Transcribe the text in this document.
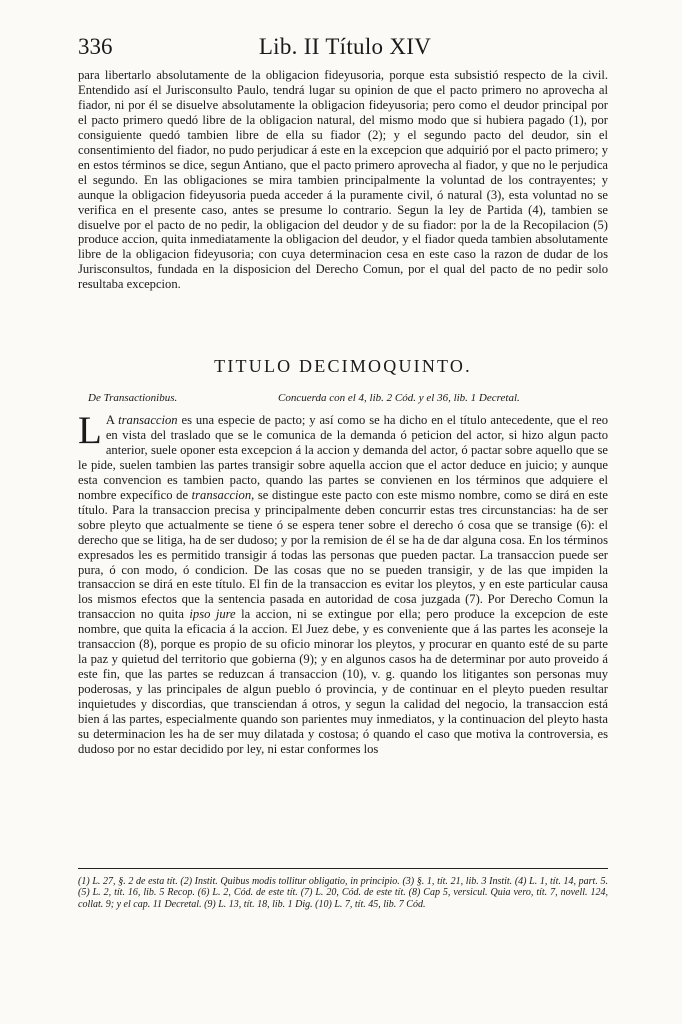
336	Lib. II Título XIV

para libertarlo absolutamente de la obligacion fideyusoria, porque esta subsistió respecto de la civil. Entendido así el Jurisconsulto Paulo, tendrá lugar su opinion de que el pacto primero no aprovecha al fiador, ni por él se disuelve absolutamente la obligacion fideyusoria; pero como el deudor principal por el pacto primero quedó libre de la obligacion natural, del mismo modo que si hubiera pagado (1), por consiguiente quedó tambien libre de ella su fiador (2); y el segundo pacto del deudor, sin el consentimiento del fiador, no pudo perjudicar á este en la excepcion que adquirió por el pacto primero; y en estos términos se dice, segun Antiano, que el pacto primero aprovecha al fiador, y que no le perjudica el segundo. En las obligaciones se mira tambien principalmente la voluntad de los contrayentes; y aunque la obligacion fideyusoria pueda acceder á la puramente civil, ó natural (3), esta voluntad no se verifica en el presente caso, antes se presume lo contrario. Segun la ley de Partida (4), tambien se disuelve por el pacto de no pedir, la obligacion del deudor y de su fiador: por la de la Recopilacion (5) produce accion, quita inmediatamente la obligacion del deudor, y el fiador queda tambien absolutamente libre de la obligacion fideyusoria; con cuya determinacion cesa en este caso la razon de dudar de los Jurisconsultos, fundada en la disposicion del Derecho Comun, por el qual del pacto de no pedir solo resultaba excepcion.

TITULO DECIMOQUINTO.
De Transactionibus.	Concuerda con el 4, lib. 2 Cód. y el 36, lib. 1 Decretal.
L A transaccion es una especie de pacto; y así como se ha dicho en el título antecedente, que el reo en vista del traslado que se le comunica de la demanda ó peticion del actor, si hizo algun pacto anterior, suele oponer esta excepcion á la accion y demanda del actor, ó pactar sobre aquello que se le pide, suelen tambien las partes transigir sobre aquella accion que el actor deduce en juicio; y aunque esta convencion es tambien pacto, quando las partes se convienen en los términos que adquiere el nombre expecífico de transaccion, se distingue este pacto con este mismo nombre, como se dirá en este título. Para la transaccion precisa y principalmente deben concurrir estas tres circunstancias: ha de ser sobre pleyto que actualmente se tiene ó se espera tener sobre el derecho ó cosa que se transige (6): el derecho que se litiga, ha de ser dudoso; y por la remision de él se ha de dar alguna cosa. En los términos expresados les es permitido transigir á todas las personas que pueden pactar. La transaccion puede ser pura, ó con modo, ó condicion. De las cosas que no se pueden transigir, y de las que impiden la transaccion se dirá en este título. El fin de la transaccion es evitar los pleytos, y en este particular causa los mismos efectos que la sentencia pasada en autoridad de cosa juzgada (7). Por Derecho Comun la transaccion no quita ipso jure la accion, ni se extingue por ella; pero produce la excepcion de este nombre, que quita la eficacia á la accion. El Juez debe, y es conveniente que á las partes les aconseje la transaccion (8), porque es propio de su oficio minorar los pleytos, y procurar en quanto esté de su parte la paz y quietud del territorio que gobierna (9); y en algunos casos ha de determinar por auto proveido á este fin, que las partes se reduzcan á transaccion (10), v. g. quando los litigantes son personas muy poderosas, y las principales de algun pueblo ó provincia, y de continuar en el pleyto pueden resultar inquietudes y discordias, que transciendan á otros, y segun la calidad del negocio, la transaccion está bien á las partes, especialmente quando son parientes muy inmediatos, y la continuacion del pleyto hasta su determinacion les ha de ser muy dilatada y costosa; ó quando el caso que motiva la controversia, es dudoso por no estar decidido por ley, ni estar conformes los
(1) L. 27, §. 2 de esta tít. (2) Instit. Quibus modis tollitur obligatio, in principio. (3) §. 1, tít. 21, lib. 3 Instit. (4) L. 1, tít. 14, part. 5. (5) L. 2, tít. 16, lib. 5 Recop. (6) L. 2, Cód. de este tít. (7) L. 20, Cód. de este tít. (8) Cap 5, versicul. Quia vero, tít. 7, novell. 124, collat. 9; y el cap. 11 Decretal. (9) L. 13, tít. 18, lib. 1 Dig. (10) L. 7, tít. 45, lib. 7 Cód.
